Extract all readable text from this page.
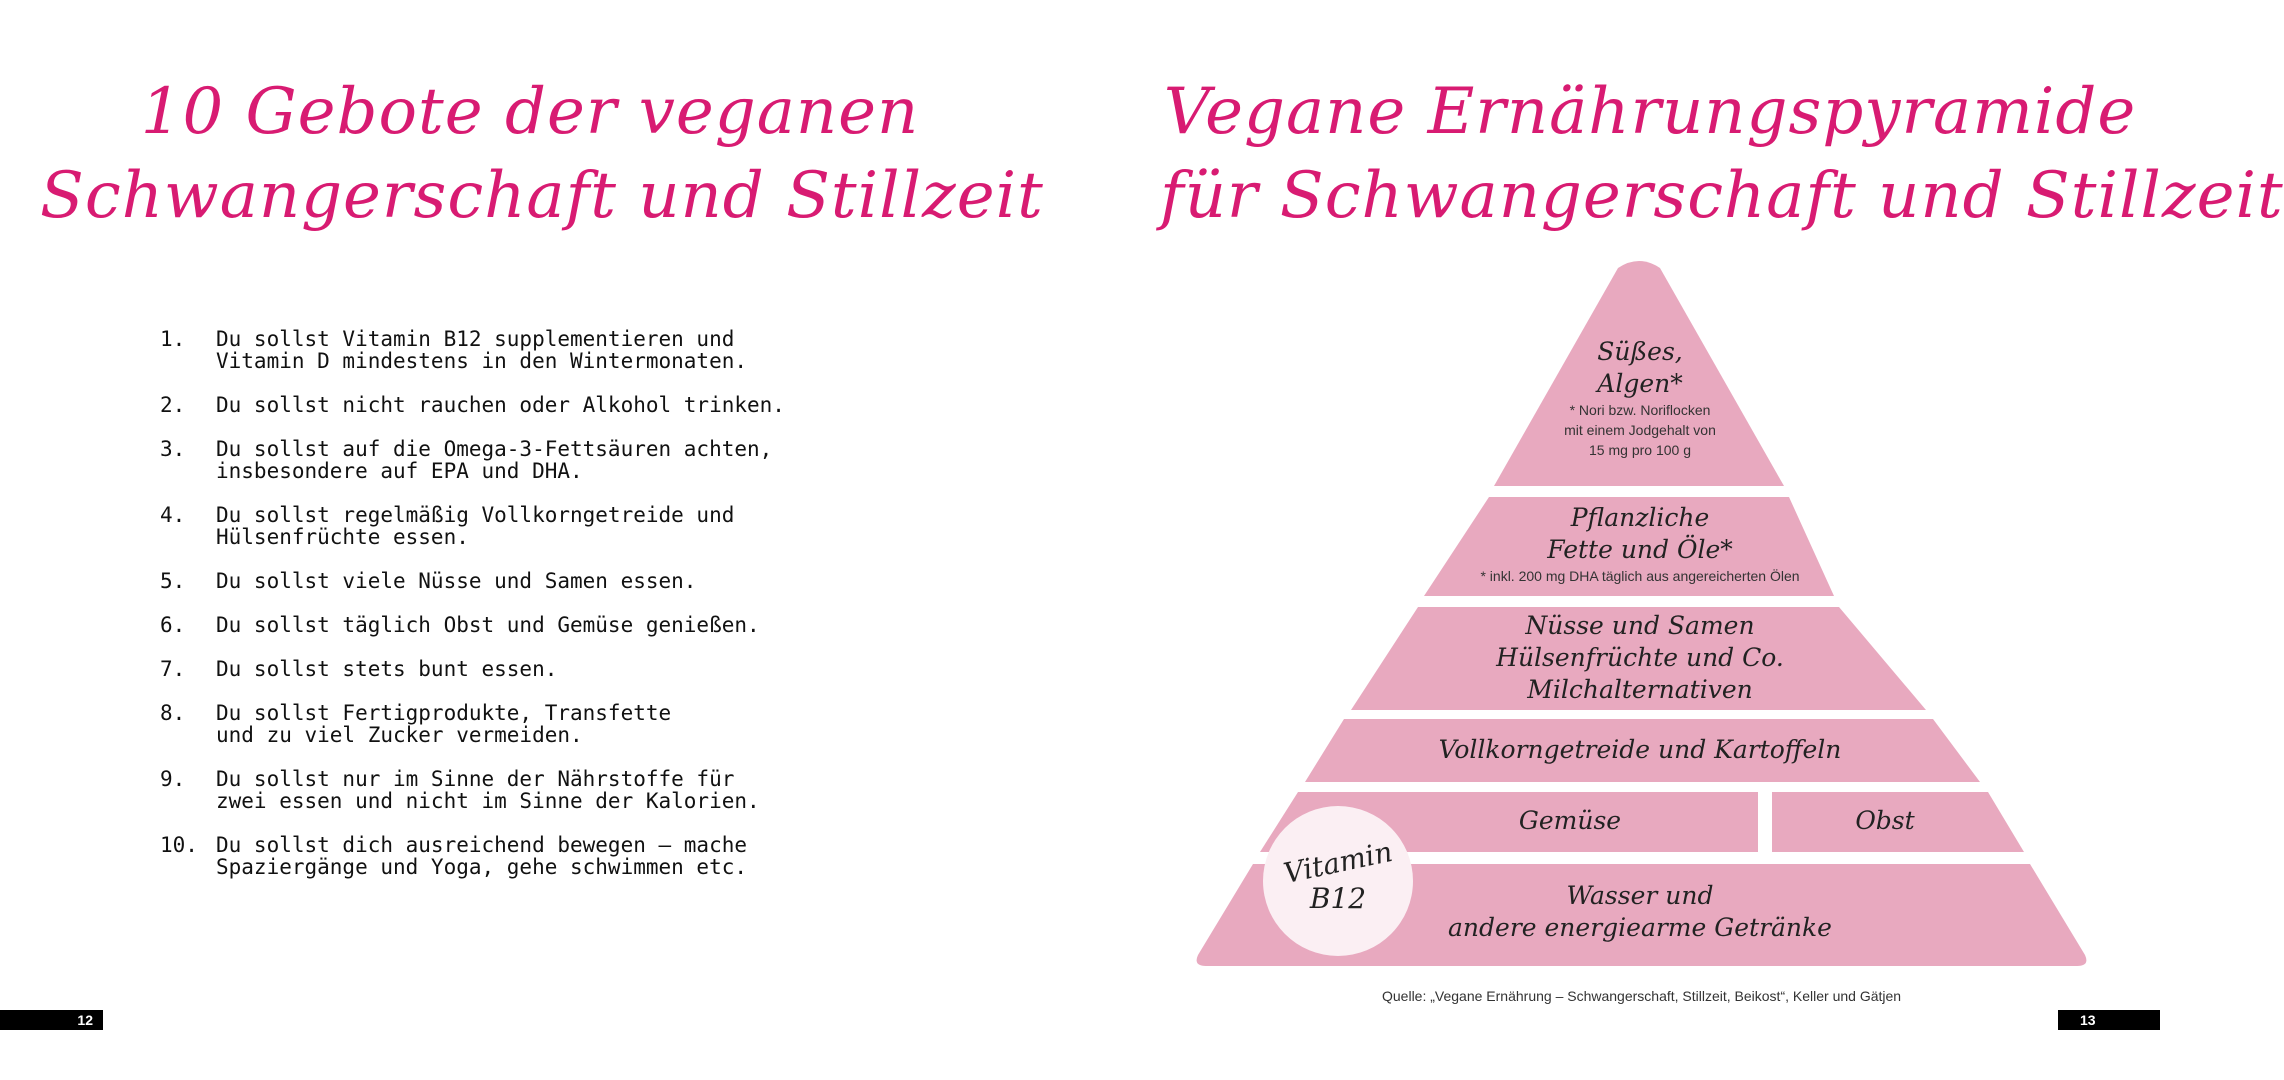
10 Gebote der veganen
Schwangerschaft und Stillzeit
1.	Du sollst Vitamin B12 supplementieren und
Vitamin D mindestens in den Wintermonaten.
2.	Du sollst nicht rauchen oder Alkohol trinken.
3.	Du sollst auf die Omega-3-Fettsäuren achten,
insbesondere auf EPA und DHA.
4.	Du sollst regelmäßig Vollkorngetreide und
Hülsenfrüchte essen.
5.	Du sollst viele Nüsse und Samen essen.
6.	Du sollst täglich Obst und Gemüse genießen.
7.	Du sollst stets bunt essen.
8.	Du sollst Fertigprodukte, Transfette
und zu viel Zucker vermeiden.
9.	Du sollst nur im Sinne der Nährstoffe für
zwei essen und nicht im Sinne der Kalorien.
10. Du sollst dich ausreichend bewegen – mache
Spaziergänge und Yoga, gehe schwimmen etc.
12
Vegane Ernährungspyramide
für Schwangerschaft und Stillzeit
Süßes,
Algen*
* Nori bzw. Noriflocken
mit einem Jodgehalt von
15 mg pro 100 g
Pflanzliche
Fette und Öle*
* inkl. 200 mg DHA täglich aus angereicherten Ölen
Nüsse und Samen
Hülsenfrüchte und Co.
Milchalternativen
Vollkorngetreide und Kartoffeln
Gemüse	Obst
Wasser und
andere energiearme Getränke
Vitamin
B12
Quelle: „Vegane Ernährung – Schwangerschaft, Stillzeit, Beikost“, Keller und Gätjen
13
